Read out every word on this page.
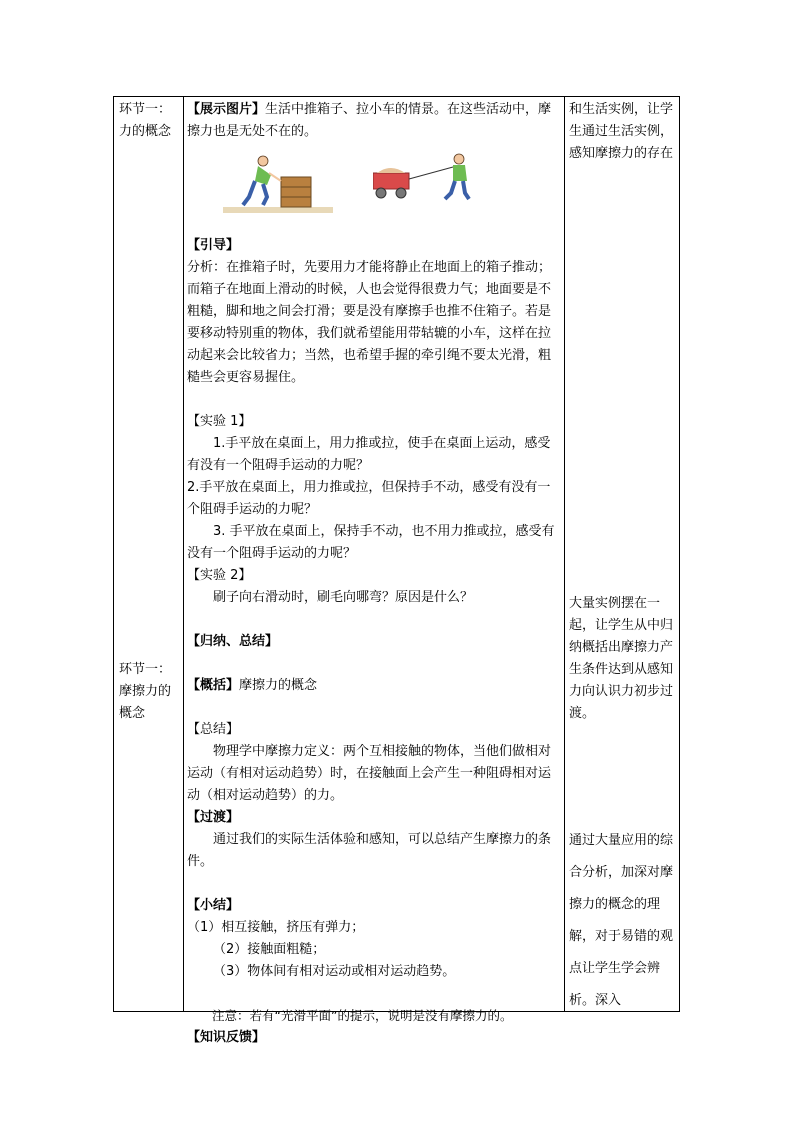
环节一：力的概念
环节一：摩擦力的概念

【展示图片】生活中推箱子、拉小车的情景。在这些活动中，摩擦力也是无处不在的。

【引导】

分析：在推箱子时，先要用力才能将静止在地面上的箱子推动；而箱子在地面上滑动的时候，人也会觉得很费力气；地面要是不粗糙，脚和地之间会打滑；要是没有摩擦手也推不住箱子。若是要移动特别重的物体，我们就希望能用带轱辘的小车，这样在拉动起来会比较省力；当然，也希望手握的牵引绳不要太光滑，粗糙些会更容易握住。

【实验 1】

1.手平放在桌面上，用力推或拉，使手在桌面上运动，感受有没有一个阻碍手运动的力呢？

2.手平放在桌面上，用力推或拉，但保持手不动，感受有没有一个阻碍手运动的力呢？

3. 手平放在桌面上，保持手不动，也不用力推或拉，感受有没有一个阻碍手运动的力呢？

【实验 2】

刷子向右滑动时，刷毛向哪弯？原因是什么？

【归纳、总结】

【概括】摩擦力的概念

【总结】

物理学中摩擦力定义：两个互相接触的物体，当他们做相对运动（有相对运动趋势）时，在接触面上会产生一种阻碍相对运动（相对运动趋势）的力。

【过渡】

通过我们的实际生活体验和感知，可以总结产生摩擦力的条件。

【小结】

（1）相互接触，挤压有弹力；

（2）接触面粗糙；

（3）物体间有相对运动或相对运动趋势。

注意：若有“光滑平面”的提示，说明是没有摩擦力的。

【知识反馈】

和生活实例，让学生通过生活实例，感知摩擦力的存在
大量实例摆在一起，让学生从中归纳概括出摩擦力产生条件达到从感知力向认识力初步过渡。
通过大量应用的综合分析，加深对摩擦力的概念的理解，对于易错的观点让学生学会辨析。深入
